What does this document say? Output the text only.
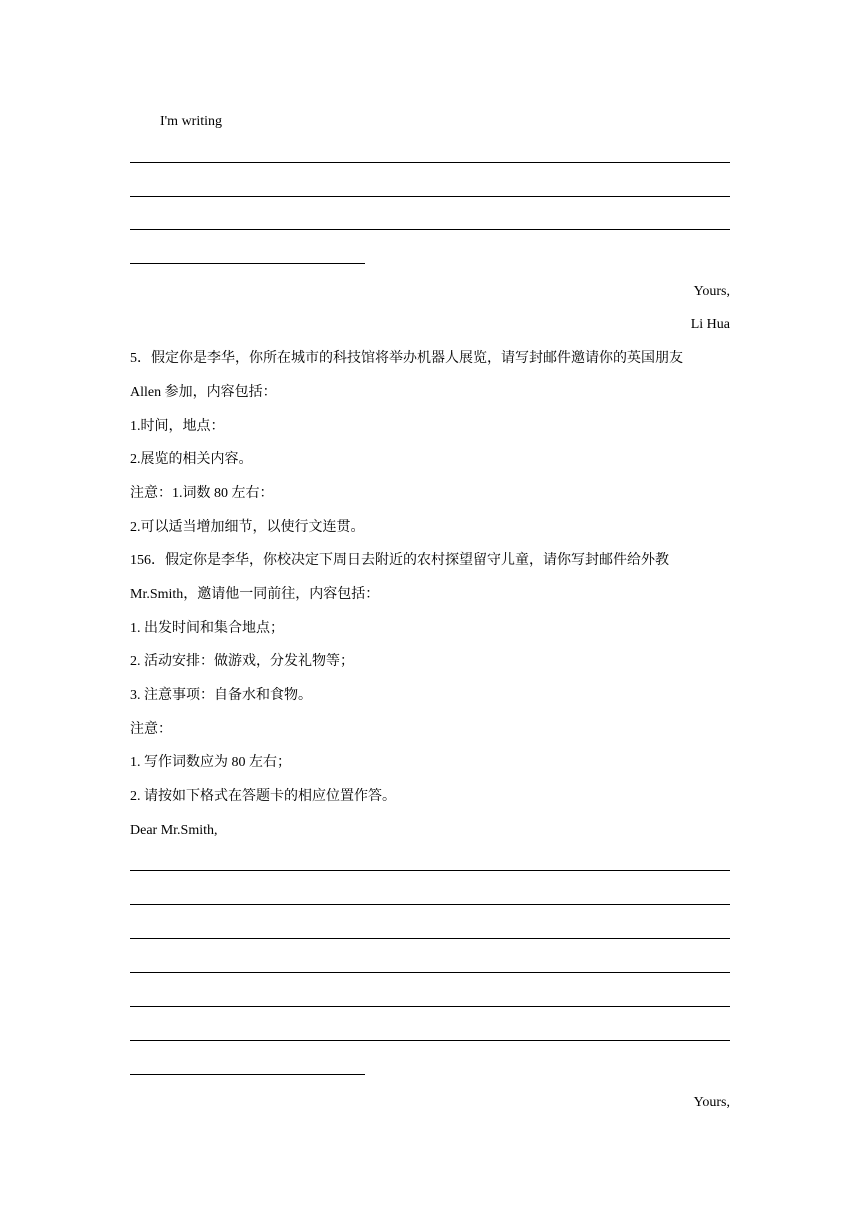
I'm writing
Yours,
Li Hua
5．假定你是李华，你所在城市的科技馆将举办机器人展览，请写封邮件邀请你的英国朋友
Allen 参加，内容包括：
1.时间，地点：
2.展览的相关内容。
注意：1.词数 80 左右：
2.可以适当增加细节，以使行文连贯。
156．假定你是李华，你校决定下周日去附近的农村探望留守儿童，请你写封邮件给外教
Mr.Smith，邀请他一同前往，内容包括：
1. 出发时间和集合地点；
2. 活动安排：做游戏，分发礼物等；
3. 注意事项：自备水和食物。
注意：
1. 写作词数应为 80 左右；
2. 请按如下格式在答题卡的相应位置作答。
Dear Mr.Smith,
Yours,
